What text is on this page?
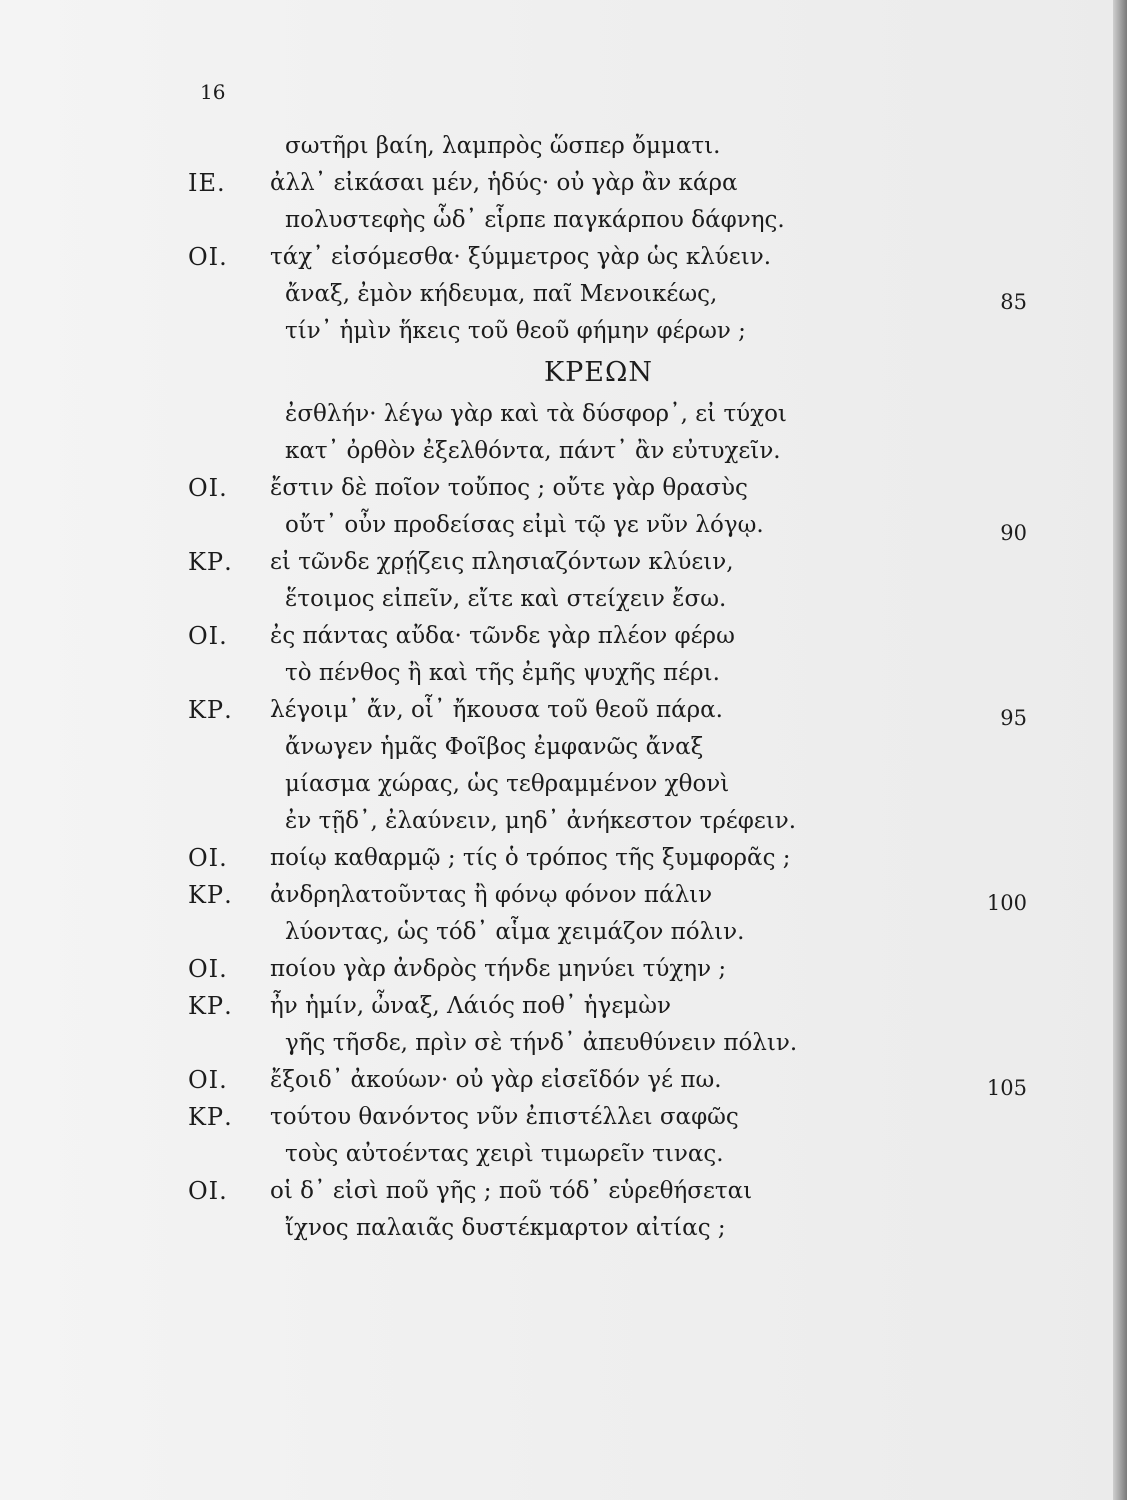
16
σωτῆρι βαίη, λαμπρὸς ὥσπερ ὄμματι.
ΙΕ. ἀλλ᾽ εἰκάσαι μέν, ἡδύς· οὐ γὰρ ἂν κάρα
πολυστεφὴς ὧδ᾽ εἷρπε παγκάρπου δάφνης.
ΟΙ. τάχ᾽ εἰσόμεσθα· ξύμμετρος γὰρ ὡς κλύειν.
ἄναξ, ἐμὸν κήδευμα, παῖ Μενοικέως,	85
τίν᾽ ἡμὶν ἥκεις τοῦ θεοῦ φήμην φέρων ;
ΚΡΕΩΝ
ἐσθλήν· λέγω γὰρ καὶ τὰ δύσφορ᾽, εἰ τύχοι
κατ᾽ ὀρθὸν ἐξελθόντα, πάντ᾽ ἂν εὐτυχεῖν.
ΟΙ. ἔστιν δὲ ποῖον τοὔπος ; οὔτε γὰρ θρασὺς
οὔτ᾽ οὖν προδείσας εἰμὶ τῷ γε νῦν λόγῳ.	90
ΚΡ. εἰ τῶνδε χρῄζεις πλησιαζόντων κλύειν,
ἕτοιμος εἰπεῖν, εἴτε καὶ στείχειν ἔσω.
ΟΙ. ἐς πάντας αὔδα· τῶνδε γὰρ πλέον φέρω
τὸ πένθος ἢ καὶ τῆς ἐμῆς ψυχῆς πέρι.
ΚΡ. λέγοιμ᾽ ἄν, οἷ᾽ ἤκουσα τοῦ θεοῦ πάρα.	95
ἄνωγεν ἡμᾶς Φοῖβος ἐμφανῶς ἄναξ
μίασμα χώρας, ὡς τεθραμμένον χθονὶ
ἐν τῇδ᾽, ἐλαύνειν, μηδ᾽ ἀνήκεστον τρέφειν.
ΟΙ. ποίῳ καθαρμῷ ; τίς ὁ τρόπος τῆς ξυμφορᾶς ;
ΚΡ. ἀνδρηλατοῦντας ἢ φόνῳ φόνον πάλιν	100
λύοντας, ὡς τόδ᾽ αἷμα χειμάζον πόλιν.
ΟΙ. ποίου γὰρ ἀνδρὸς τήνδε μηνύει τύχην ;
ΚΡ. ἦν ἡμίν, ὦναξ, Λάιός ποθ᾽ ἡγεμὼν
γῆς τῆσδε, πρὶν σὲ τήνδ᾽ ἀπευθύνειν πόλιν.
ΟΙ. ἔξοιδ᾽ ἀκούων· οὐ γὰρ εἰσεῖδόν γέ πω.	105
ΚΡ. τούτου θανόντος νῦν ἐπιστέλλει σαφῶς
τοὺς αὐτοέντας χειρὶ τιμωρεῖν τινας.
ΟΙ. οἱ δ᾽ εἰσὶ ποῦ γῆς ; ποῦ τόδ᾽ εὑρεθήσεται
ἴχνος παλαιᾶς δυστέκμαρτον αἰτίας ;
